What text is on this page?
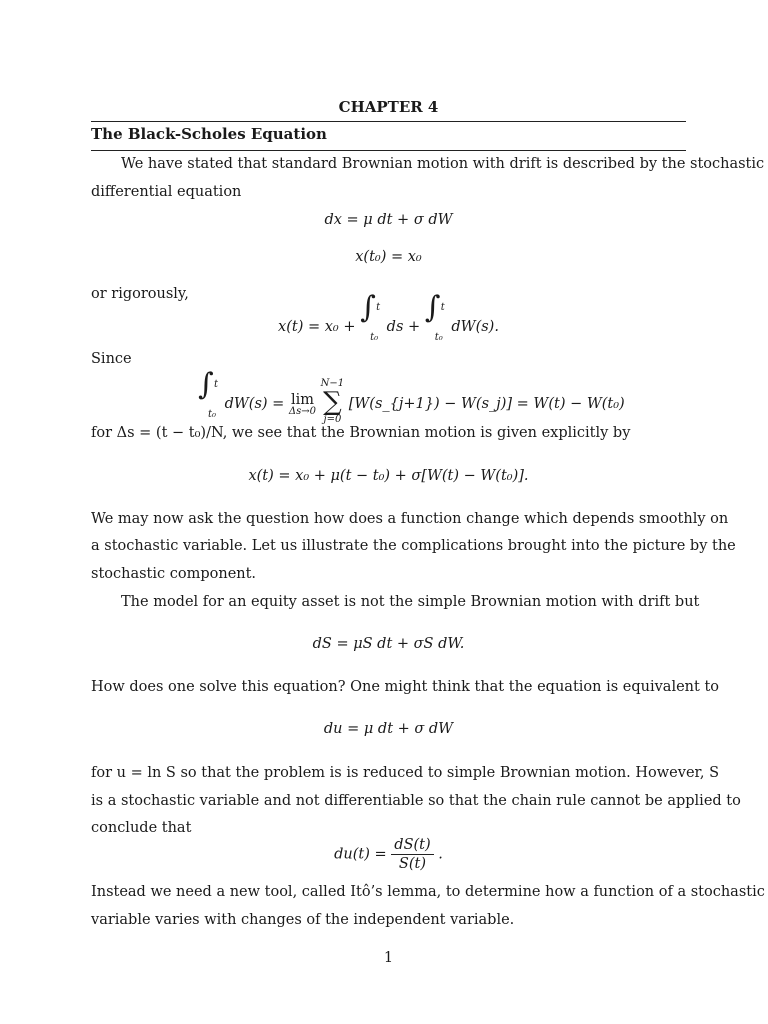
CHAPTER 4
The Black-Scholes Equation
We have stated that standard Brownian motion with drift is described by the stochastic
differential equation
dx = μ dt + σ dW
x(t₀) = x₀
or rigorously,
x(t) = x₀ +
∫ t
t₀
ds +
∫ t
t₀
dW(s).
Since
∫ t
t₀
dW(s) = lim
Δs→0

N−1
∑
j=0
[W(s_{j+1}) − W(s_j)] = W(t) − W(t₀)
for Δs = (t − t₀)/N, we see that the Brownian motion is given explicitly by
x(t) = x₀ + μ(t − t₀) + σ[W(t) − W(t₀)].
We may now ask the question how does a function change which depends smoothly on
a stochastic variable. Let us illustrate the complications brought into the picture by the
stochastic component.
The model for an equity asset is not the simple Brownian motion with drift but
dS = μS dt + σS dW.
How does one solve this equation? One might think that the equation is equivalent to
du = μ dt + σ dW
for u = ln S so that the problem is is reduced to simple Brownian motion. However, S
is a stochastic variable and not differentiable so that the chain rule cannot be applied to
conclude that
$du(t) = \frac{dS(t)}{S(t)}$ .
Instead we need a new tool, called Itô’s lemma, to determine how a function of a stochastic
variable varies with changes of the independent variable.
1
